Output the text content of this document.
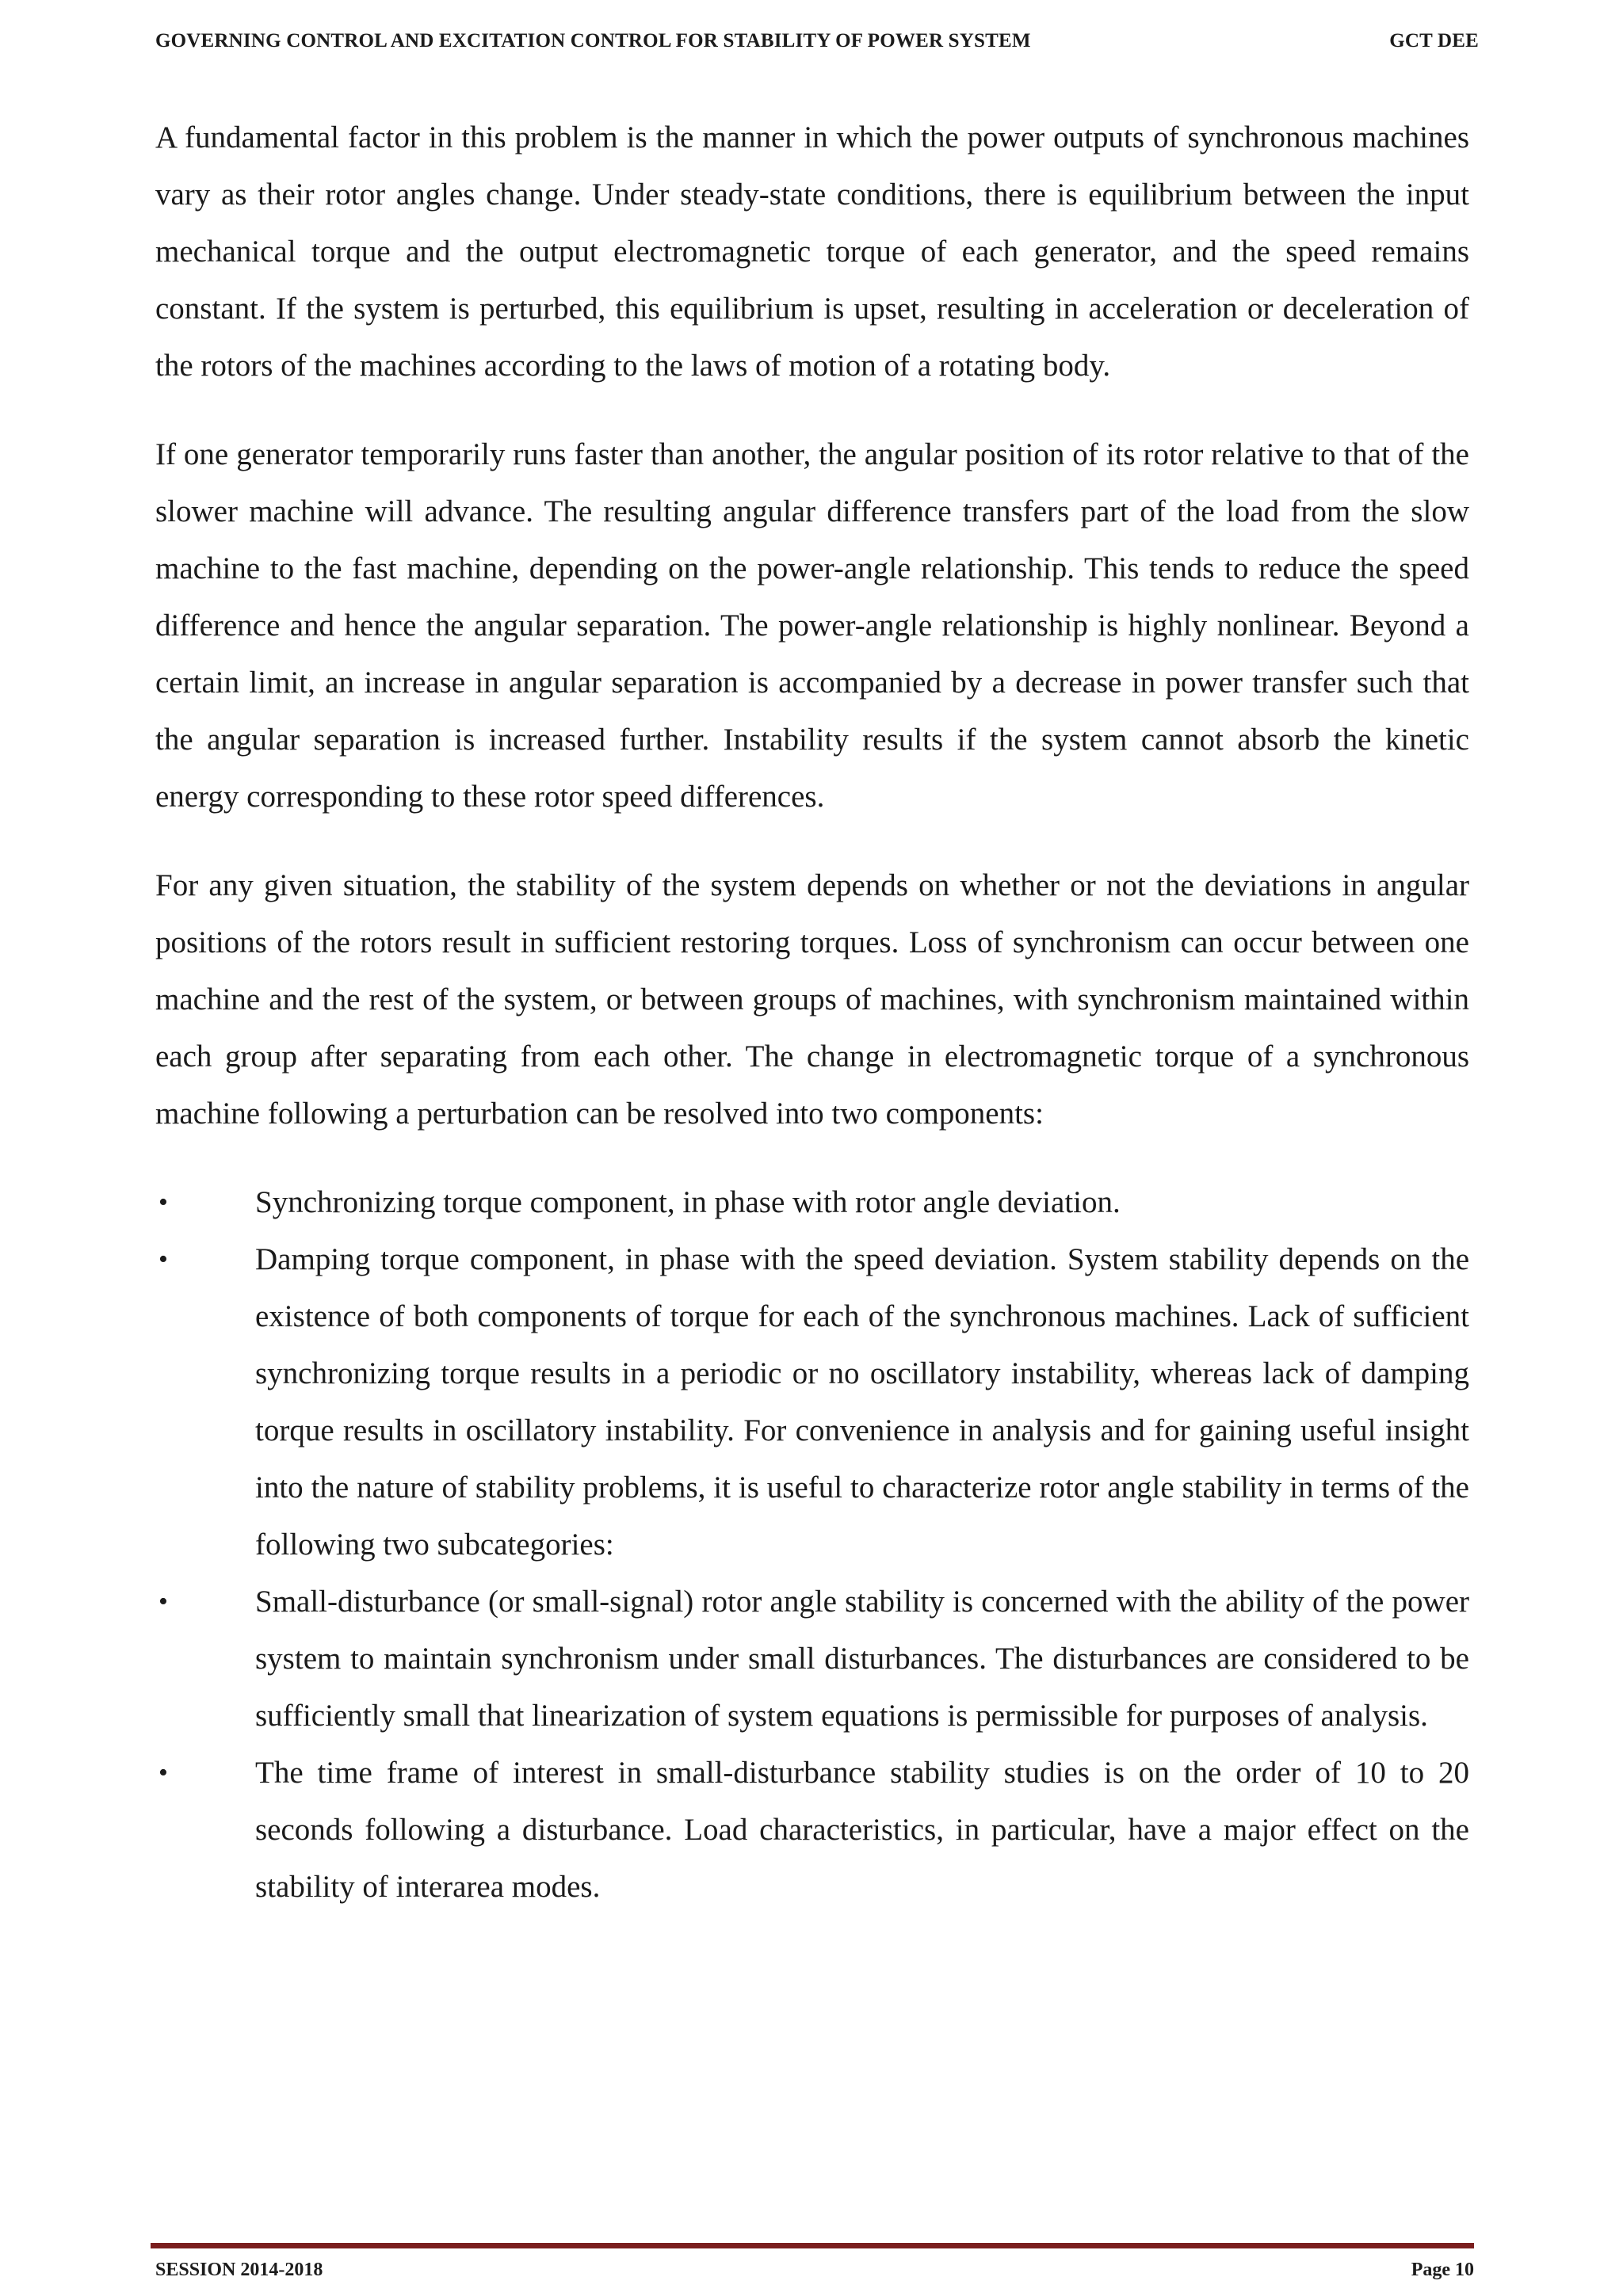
GOVERNING CONTROL AND EXCITATION CONTROL FOR STABILITY OF POWER SYSTEM	GCT DEE

A fundamental factor in this problem is the manner in which the power outputs of synchronous machines vary as their rotor angles change. Under steady-state conditions, there is equilibrium between the input mechanical torque and the output electromagnetic torque of each generator, and the speed remains constant. If the system is perturbed, this equilibrium is upset, resulting in acceleration or deceleration of the rotors of the machines according to the laws of motion of a rotating body.

If one generator temporarily runs faster than another, the angular position of its rotor relative to that of the slower machine will advance. The resulting angular difference transfers part of the load from the slow machine to the fast machine, depending on the power-angle relationship. This tends to reduce the speed difference and hence the angular separation. The power-angle relationship is highly nonlinear. Beyond a certain limit, an increase in angular separation is accompanied by a decrease in power transfer such that the angular separation is increased further. Instability results if the system cannot absorb the kinetic energy corresponding to these rotor speed differences.

For any given situation, the stability of the system depends on whether or not the deviations in angular positions of the rotors result in sufficient restoring torques. Loss of synchronism can occur between one machine and the rest of the system, or between groups of machines, with synchronism maintained within each group after separating from each other. The change in electromagnetic torque of a synchronous machine following a perturbation can be resolved into two components:

•	Synchronizing torque component, in phase with rotor angle deviation.
•	Damping torque component, in phase with the speed deviation. System stability depends on the existence of both components of torque for each of the synchronous machines. Lack of sufficient synchronizing torque results in a periodic or no oscillatory instability, whereas lack of damping torque results in oscillatory instability. For convenience in analysis and for gaining useful insight into the nature of stability problems, it is useful to characterize rotor angle stability in terms of the following two subcategories:
•	Small-disturbance (or small-signal) rotor angle stability is concerned with the ability of the power system to maintain synchronism under small disturbances. The disturbances are considered to be sufficiently small that linearization of system equations is permissible for purposes of analysis.
•	The time frame of interest in small-disturbance stability studies is on the order of 10 to 20 seconds following a disturbance. Load characteristics, in particular, have a major effect on the stability of interarea modes.
SESSION 2014-2018	Page 10
